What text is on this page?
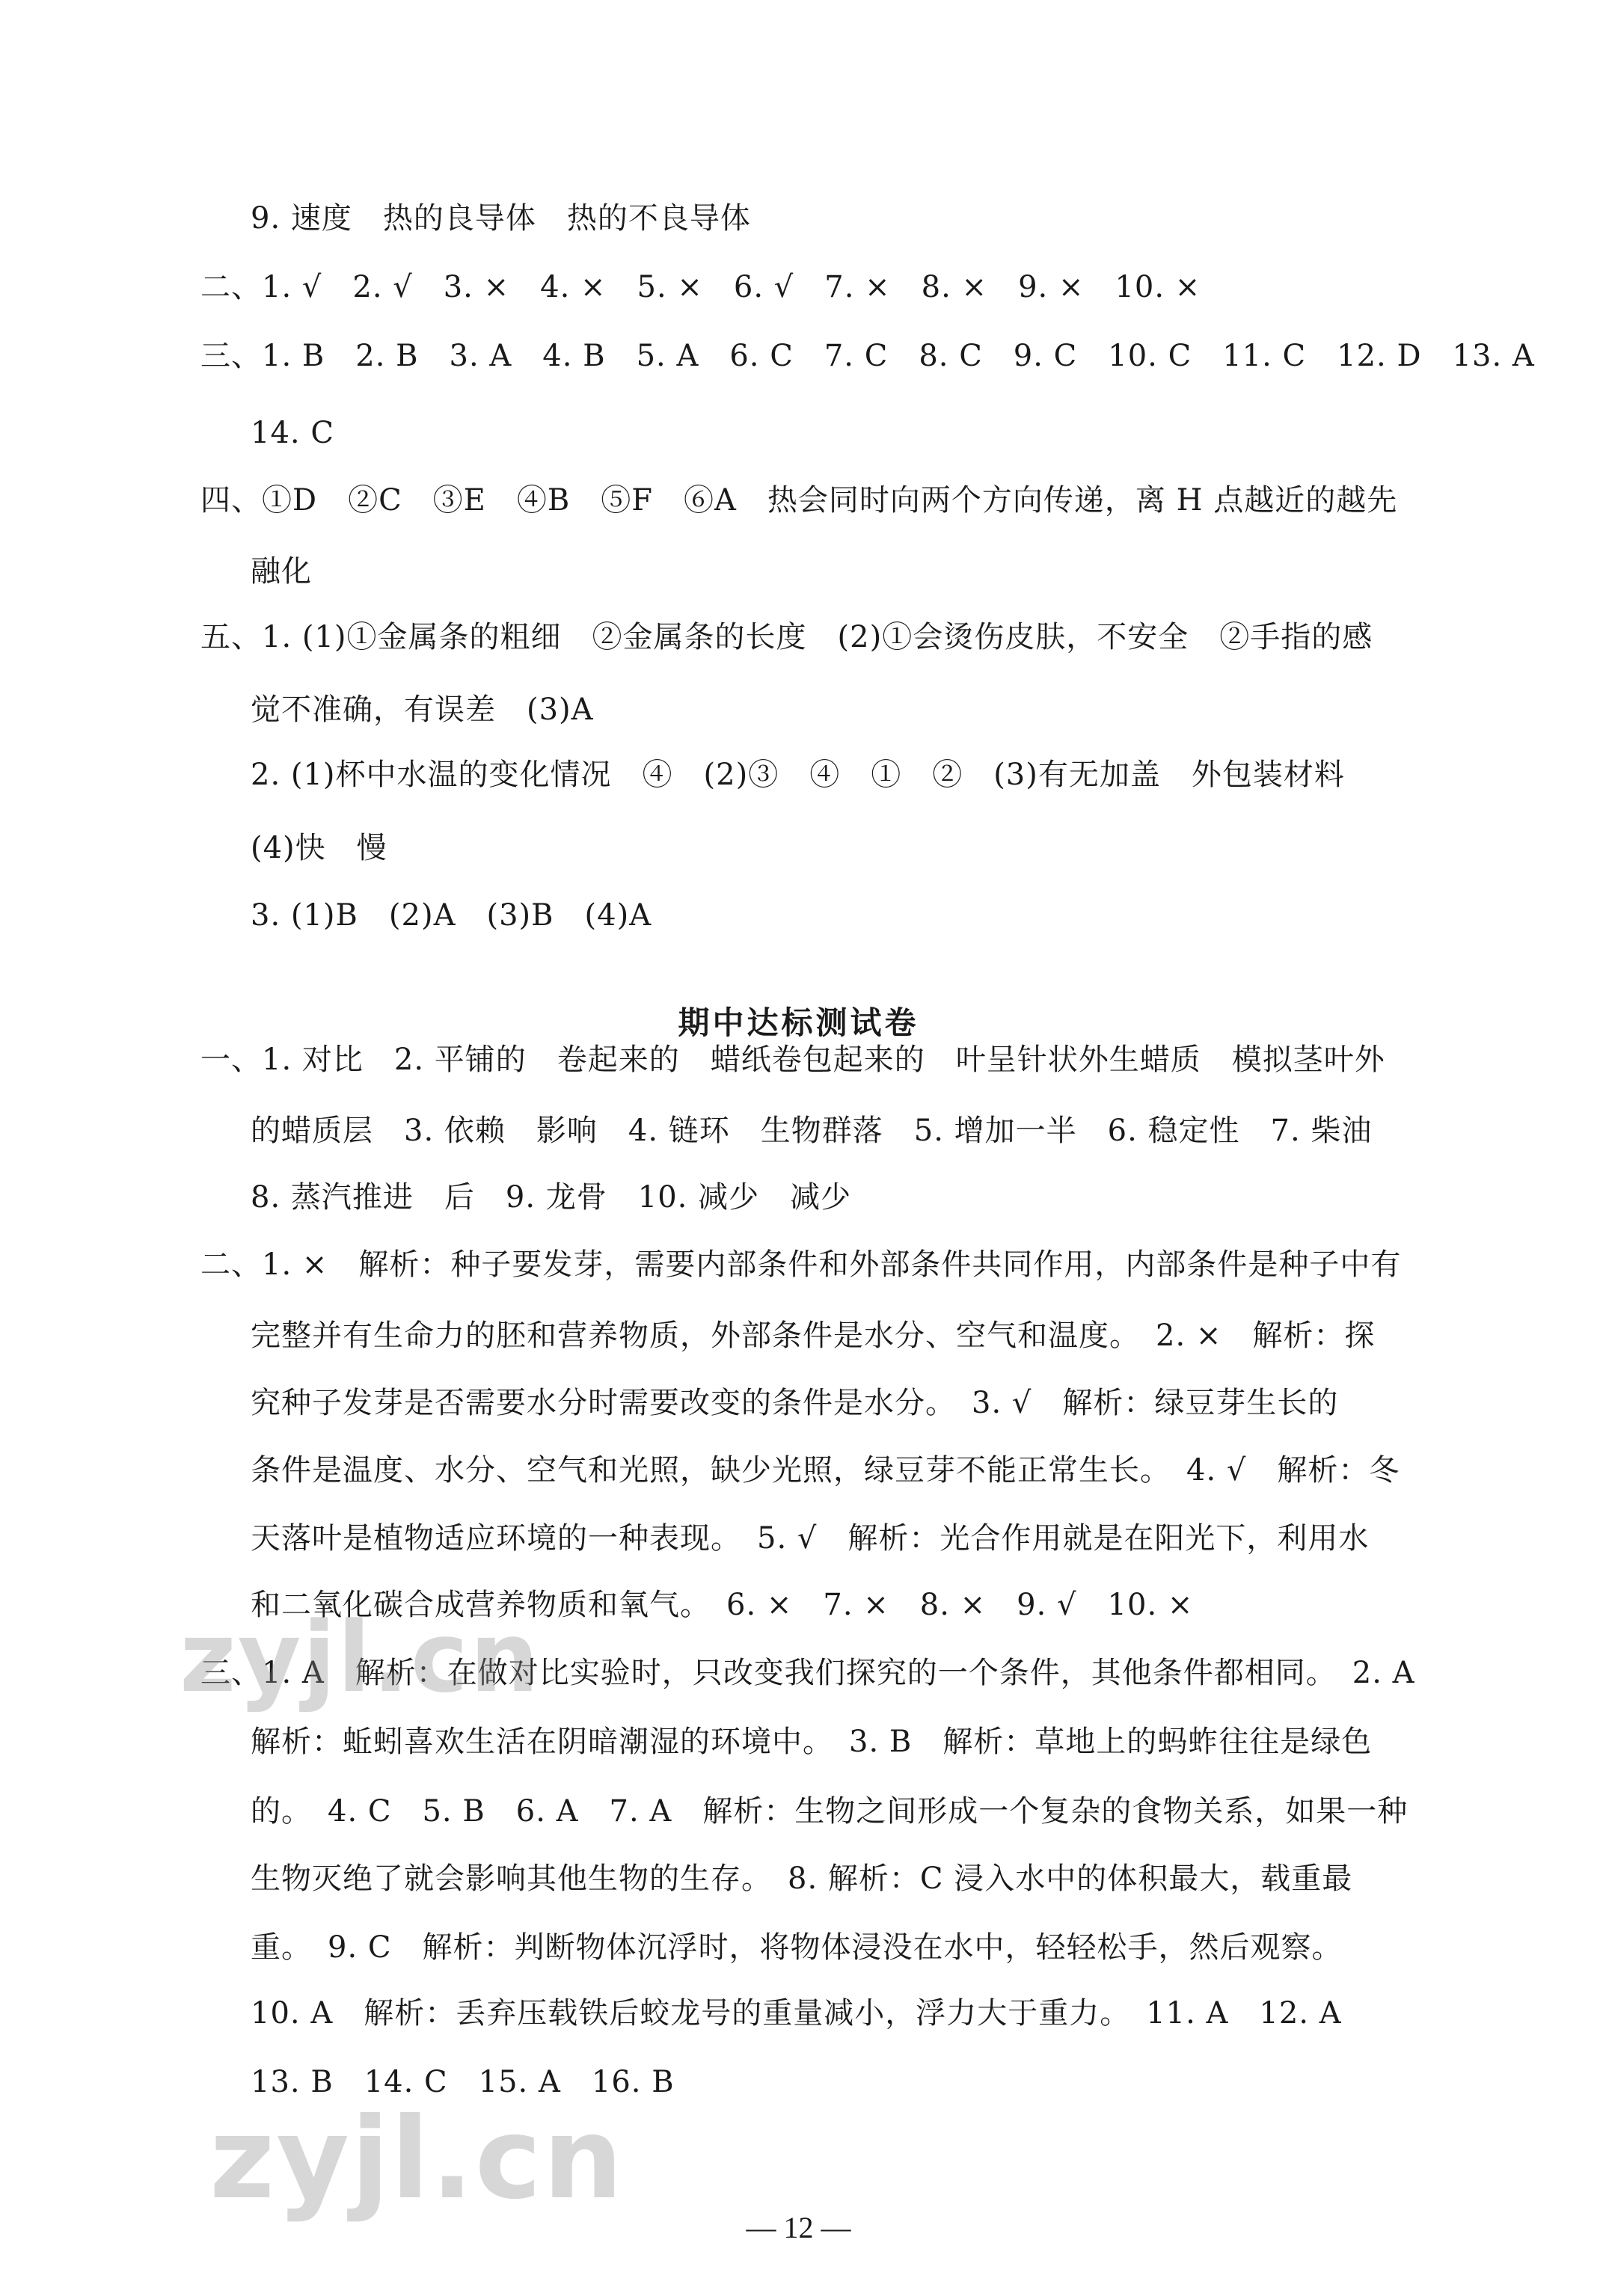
9. 速度　热的良导体　热的不良导体
二、1. √　2. √　3. ×　4. ×　5. ×　6. √　7. ×　8. ×　9. ×　10. ×
三、1. B　2. B　3. A　4. B　5. A　6. C　7. C　8. C　9. C　10. C　11. C　12. D　13. A
14. C
四、①D　②C　③E　④B　⑤F　⑥A　热会同时向两个方向传递，离 H 点越近的越先
融化
五、1. (1)①金属条的粗细　②金属条的长度　(2)①会烫伤皮肤，不安全　②手指的感
觉不准确，有误差　(3)A
2. (1)杯中水温的变化情况　④　(2)③　④　①　②　(3)有无加盖　外包装材料
(4)快　慢
3. (1)B　(2)A　(3)B　(4)A
期中达标测试卷
一、1. 对比　2. 平铺的　卷起来的　蜡纸卷包起来的　叶呈针状外生蜡质　模拟茎叶外
的蜡质层　3. 依赖　影响　4. 链环　生物群落　5. 增加一半　6. 稳定性　7. 柴油
8. 蒸汽推进　后　9. 龙骨　10. 减少　减少
二、1. ×　解析：种子要发芽，需要内部条件和外部条件共同作用，内部条件是种子中有
完整并有生命力的胚和营养物质，外部条件是水分、空气和温度。　2. ×　解析：探
究种子发芽是否需要水分时需要改变的条件是水分。　3. √　解析：绿豆芽生长的
条件是温度、水分、空气和光照，缺少光照，绿豆芽不能正常生长。　4. √　解析：冬
天落叶是植物适应环境的一种表现。　5. √　解析：光合作用就是在阳光下，利用水
和二氧化碳合成营养物质和氧气。　6. ×　7. ×　8. ×　9. √　10. ×
三、1. A　解析：在做对比实验时，只改变我们探究的一个条件，其他条件都相同。　2. A
解析：蚯蚓喜欢生活在阴暗潮湿的环境中。　3. B　解析：草地上的蚂蚱往往是绿色
的。　4. C　5. B　6. A　7. A　解析：生物之间形成一个复杂的食物关系，如果一种
生物灭绝了就会影响其他生物的生存。　8. 解析：C 浸入水中的体积最大，载重最
重。　9. C　解析：判断物体沉浮时，将物体浸没在水中，轻轻松手，然后观察。
10. A　解析：丢弃压载铁后蛟龙号的重量减小，浮力大于重力。　11. A　12. A
13. B　14. C　15. A　16. B
zyjl.cn
zyjl.cn
— 12 —
